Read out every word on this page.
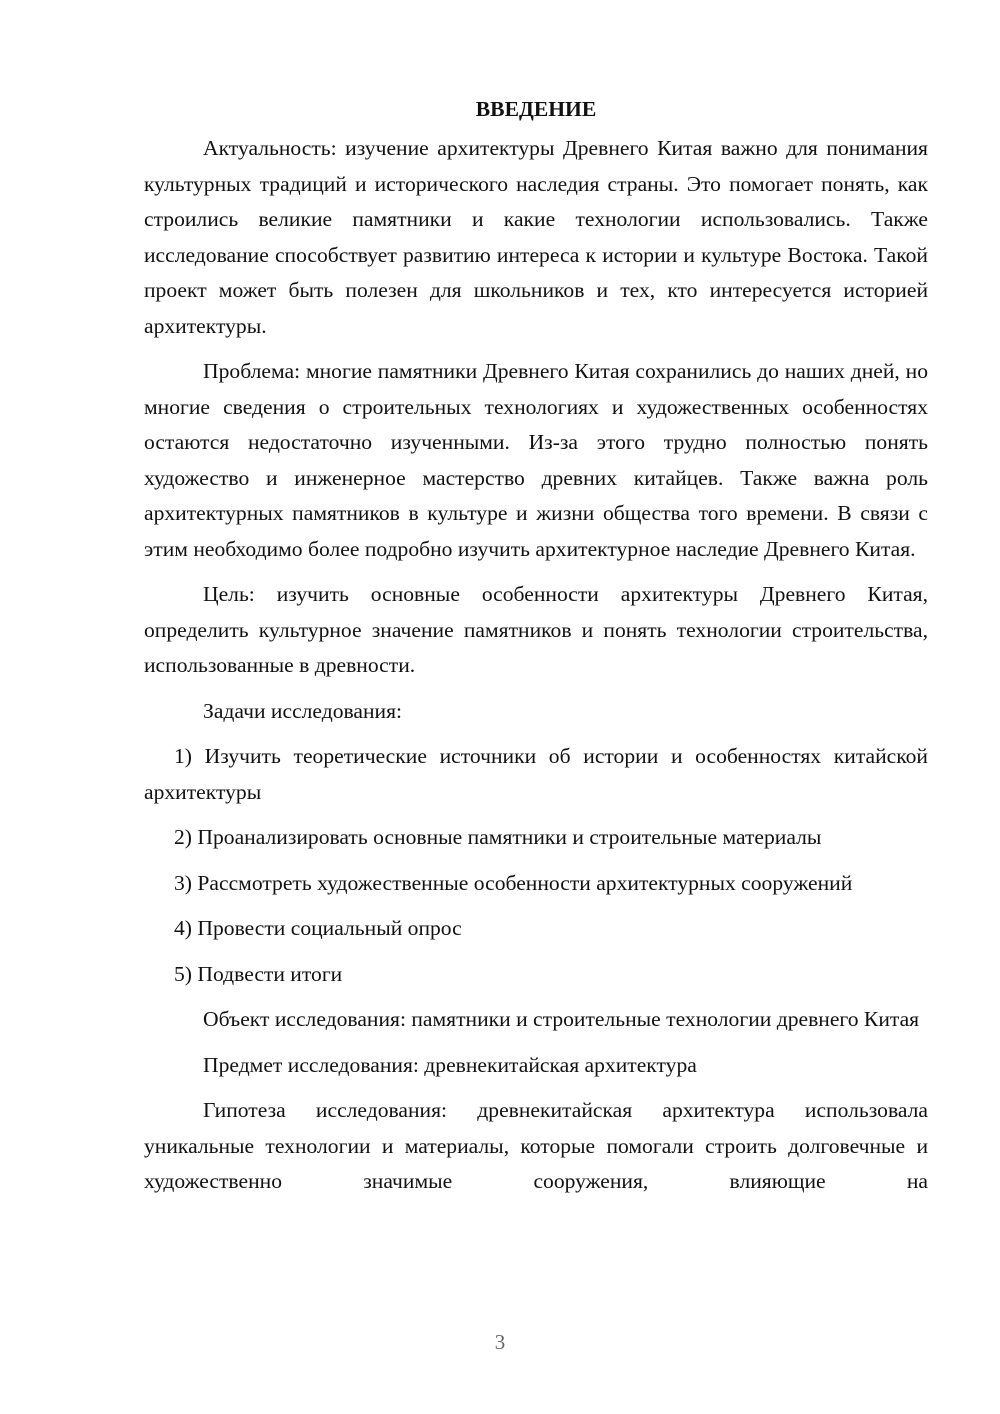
ВВЕДЕНИЕ

Актуальность: изучение архитектуры Древнего Китая важно для понимания культурных традиций и исторического наследия страны. Это помогает понять, как строились великие памятники и какие технологии использовались. Также исследование способствует развитию интереса к истории и культуре Востока. Такой проект может быть полезен для школьников и тех, кто интересуется историей архитектуры.

Проблема: многие памятники Древнего Китая сохранились до наших дней, но многие сведения о строительных технологиях и художественных особенностях остаются недостаточно изученными. Из-за этого трудно полностью понять художество и инженерное мастерство древних китайцев. Также важна роль архитектурных памятников в культуре и жизни общества того времени. В связи с этим необходимо более подробно изучить архитектурное наследие Древнего Китая.

Цель: изучить основные особенности архитектуры Древнего Китая, определить культурное значение памятников и понять технологии строительства, использованные в древности.

Задачи исследования:

1) Изучить теоретические источники об истории и особенностях китайской архитектуры

2) Проанализировать основные памятники и строительные материалы

3) Рассмотреть художественные особенности архитектурных сооружений

4) Провести социальный опрос

5) Подвести итоги

Объект исследования: памятники и строительные технологии древнего Китая

Предмет исследования: древнекитайская архитектура

Гипотеза исследования: древнекитайская архитектура использовала уникальные технологии и материалы, которые помогали строить долговечные и художественно значимые сооружения, влияющие на

3
